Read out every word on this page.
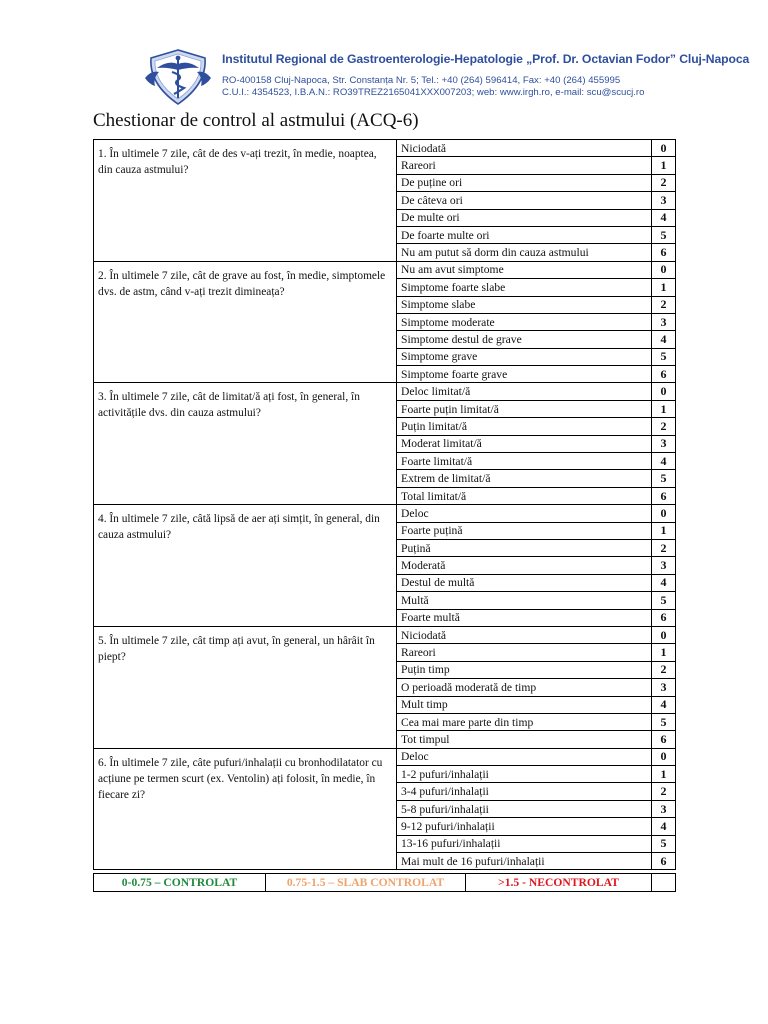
Institutul Regional de Gastroenterologie-Hepatologie „Prof. Dr. Octavian Fodor” Cluj-Napoca
RO-400158 Cluj-Napoca, Str. Constanța Nr. 5; Tel.: +40 (264) 596414, Fax: +40 (264) 455995
C.U.I.: 4354523, I.B.A.N.: RO39TREZ2165041XXX007203; web: www.irgh.ro, e-mail: scu@scucj.ro
Chestionar de control al astmului (ACQ-6)
1. În ultimele 7 zile, cât de des v-ați trezit, în medie, noaptea, din cauza astmului?	Niciodată	0
	Rareori	1
	De puține ori	2
	De câteva ori	3
	De multe ori	4
	De foarte multe ori	5
	Nu am putut să dorm din cauza astmului	6
2. În ultimele 7 zile, cât de grave au fost, în medie, simptomele dvs. de astm, când v-ați trezit dimineața?	Nu am avut simptome	0
	Simptome foarte slabe	1
	Simptome slabe	2
	Simptome moderate	3
	Simptome destul de grave	4
	Simptome grave	5
	Simptome foarte grave	6
3. În ultimele 7 zile, cât de limitat/ă ați fost, în general, în activitățile dvs. din cauza astmului?	Deloc limitat/ă	0
	Foarte puțin limitat/ă	1
	Puțin limitat/ă	2
	Moderat limitat/ă	3
	Foarte limitat/ă	4
	Extrem de limitat/ă	5
	Total limitat/ă	6
4. În ultimele 7 zile, câtă lipsă de aer ați simțit, în general, din cauza astmului?	Deloc	0
	Foarte puțină	1
	Puțină	2
	Moderată	3
	Destul de multă	4
	Multă	5
	Foarte multă	6
5. În ultimele 7 zile, cât timp ați avut, în general, un hârâit în piept?	Niciodată	0
	Rareori	1
	Puțin timp	2
	O perioadă moderată de timp	3
	Mult timp	4
	Cea mai mare parte din timp	5
	Tot timpul	6
6. În ultimele 7 zile, câte pufuri/inhalații cu bronhodilatator cu acțiune pe termen scurt (ex. Ventolin) ați folosit, în medie, în fiecare zi?	Deloc	0
	1-2 pufuri/inhalații	1
	3-4 pufuri/inhalații	2
	5-8 pufuri/inhalații	3
	9-12 pufuri/inhalații	4
	13-16 pufuri/inhalații	5
	Mai mult de 16 pufuri/inhalații	6
0-0.75 – CONTROLAT	0.75-1.5 – SLAB CONTROLAT	>1.5 - NECONTROLAT	
